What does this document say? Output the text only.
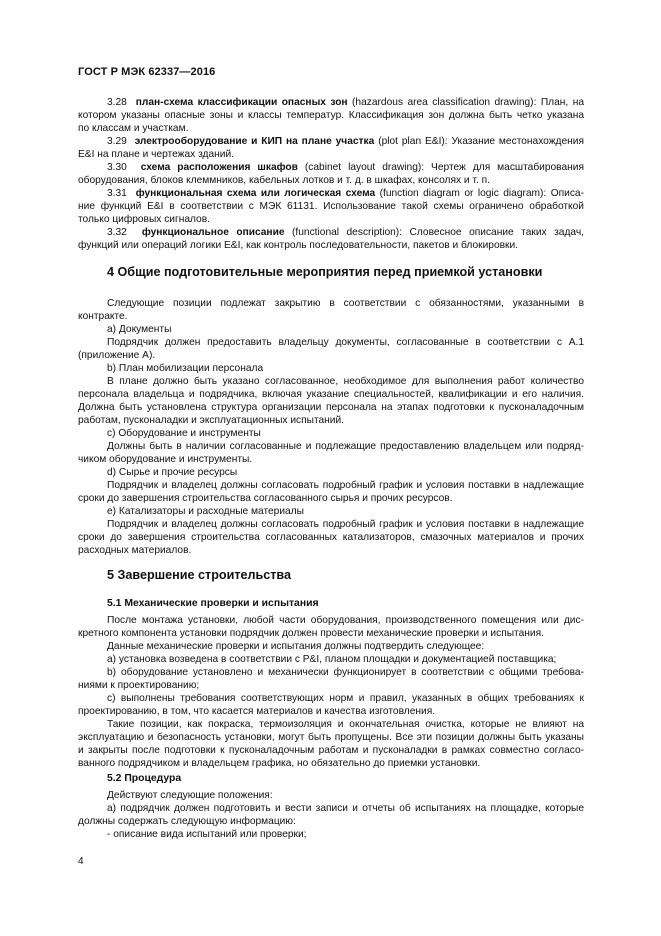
ГОСТ Р МЭК 62337—2016
3.28 план-схема классификации опасных зон (hazardous area classification drawing): План, на
котором указаны опасные зоны и классы температур. Классификация зон должна быть четко указана
по классам и участкам.
3.29 электрооборудование и КИП на плане участка (plot plan E&I): Указание местонахождения
E&I на плане и чертежах зданий.
3.30 схема расположения шкафов (cabinet layout drawing): Чертеж для масштабирования
оборудования, блоков клеммников, кабельных лотков и т. д. в шкафах, консолях и т. п.
3.31 функциональная схема или логическая схема (function diagram or logic diagram): Описа-
ние функций E&I в соответствии с МЭК 61131. Использование такой схемы ограничено обработкой
только цифровых сигналов.
3.32 функциональное описание (functional description): Словесное описание таких задач,
функций или операций логики E&I, как контроль последовательности, пакетов и блокировки.
4 Общие подготовительные мероприятия перед приемкой установки
Следующие позиции подлежат закрытию в соответствии с обязанностями, указанными в
контракте.
a) Документы
Подрядчик должен предоставить владельцу документы, согласованные в соответствии с А.1
(приложение А).
b) План мобилизации персонала
В плане должно быть указано согласованное, необходимое для выполнения работ количество
персонала владельца и подрядчика, включая указание специальностей, квалификации и его наличия.
Должна быть установлена структура организации персонала на этапах подготовки к пусконаладочным
работам, пусконаладки и эксплуатационных испытаний.
c) Оборудование и инструменты
Должны быть в наличии согласованные и подлежащие предоставлению владельцем или подряд-
чиком оборудование и инструменты.
d) Сырье и прочие ресурсы
Подрядчик и владелец должны согласовать подробный график и условия поставки в надлежащие
сроки до завершения строительства согласованного сырья и прочих ресурсов.
e) Катализаторы и расходные материалы
Подрядчик и владелец должны согласовать подробный график и условия поставки в надлежащие
сроки до завершения строительства согласованных катализаторов, смазочных материалов и прочих
расходных материалов.
5 Завершение строительства
5.1 Механические проверки и испытания
После монтажа установки, любой части оборудования, производственного помещения или дис-
кретного компонента установки подрядчик должен провести механические проверки и испытания.
Данные механические проверки и испытания должны подтвердить следующее:
a) установка возведена в соответствии с P&I, планом площадки и документацией поставщика;
b) оборудование установлено и механически функционирует в соответствии с общими требова-
ниями к проектированию;
c) выполнены требования соответствующих норм и правил, указанных в общих требованиях к
проектированию, в том, что касается материалов и качества изготовления.
Такие позиции, как покраска, термоизоляция и окончательная очистка, которые не влияют на
эксплуатацию и безопасность установки, могут быть пропущены. Все эти позиции должны быть указаны
и закрыты после подготовки к пусконаладочным работам и пусконаладки в рамках совместно согласо-
ванного подрядчиком и владельцем графика, но обязательно до приемки установки.
5.2 Процедура
Действуют следующие положения:
a) подрядчик должен подготовить и вести записи и отчеты об испытаниях на площадке, которые
должны содержать следующую информацию:
- описание вида испытаний или проверки;
4
